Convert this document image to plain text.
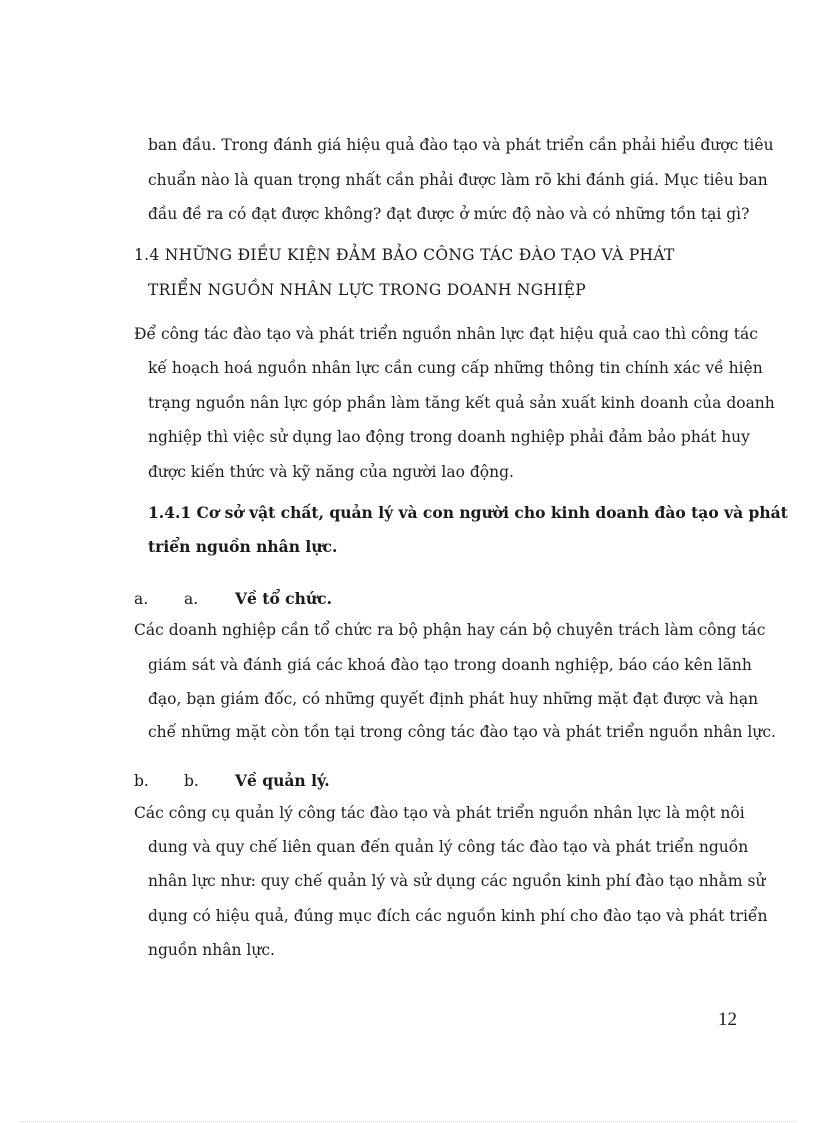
ban đầu. Trong đánh giá hiệu quả đào tạo và phát triển cần phải hiểu được tiêu
chuẩn nào là quan trọng nhất cần phải được làm rõ khi đánh giá. Mục tiêu ban
đầu đề ra có đạt được không? đạt được ở mức độ nào và có những tồn tại gì?
1.4 NHỮNG ĐIỀU KIỆN ĐẢM BẢO CÔNG TÁC ĐÀO TẠO VÀ PHÁT
TRIỂN NGUỒN NHÂN LỰC TRONG DOANH NGHIỆP
Để công tác đào tạo và phát triển nguồn nhân lực đạt hiệu quả cao thì công tác
kế hoạch hoá nguồn nhân lực cần cung cấp những thông tin chính xác về hiện
trạng nguồn nân lực góp phần làm tăng kết quả sản xuất kinh doanh của doanh
nghiệp thì việc sử dụng lao động trong doanh nghiệp phải đảm bảo phát huy
được kiến thức và kỹ năng của người lao động.
1.4.1 Cơ sở vật chất, quản lý và con người cho kinh doanh đào tạo và phát
triển nguồn nhân lực.
a. a. Về tổ chức.
Các doanh nghiệp cần tổ chức ra bộ phận hay cán bộ chuyên trách làm công tác
giám sát và đánh giá các khoá đào tạo trong doanh nghiệp, báo cáo kên lãnh
đạo, bạn giám đốc, có những quyết định phát huy những mặt đạt được và hạn
chế những mặt còn tồn tại trong công tác đào tạo và phát triển nguồn nhân lực.
b. b. Về quản lý.
Các công cụ quản lý công tác đào tạo và phát triển nguồn nhân lực là một nôi
dung và quy chế liên quan đến quản lý công tác đào tạo và phát triển nguồn
nhân lực như: quy chế quản lý và sử dụng các nguồn kinh phí đào tạo nhằm sử
dụng có hiệu quả, đúng mục đích các nguồn kinh phí cho đào tạo và phát triển
nguồn nhân lực.
12
